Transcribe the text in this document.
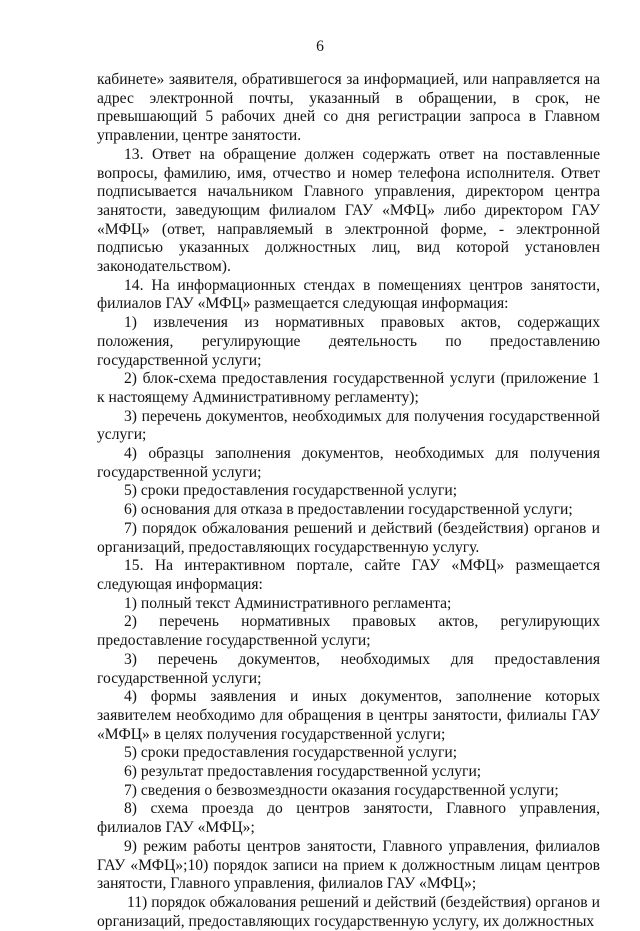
6

кабинете» заявителя, обратившегося за информацией, или направляется на адрес электронной почты, указанный в обращении, в срок, не превышающий 5 рабочих дней со дня регистрации запроса в Главном управлении, центре занятости.

13. Ответ на обращение должен содержать ответ на поставленные вопросы, фамилию, имя, отчество и номер телефона исполнителя. Ответ подписывается начальником Главного управления, директором центра занятости, заведующим филиалом ГАУ «МФЦ» либо директором ГАУ «МФЦ» (ответ, направляемый в электронной форме, - электронной подписью указанных должностных лиц, вид которой установлен законодательством).

14. На информационных стендах в помещениях центров занятости, филиалов ГАУ «МФЦ» размещается следующая информация:

1) извлечения из нормативных правовых актов, содержащих положения, регулирующие деятельность по предоставлению государственной услуги;

2) блок-схема предоставления государственной услуги (приложение 1 к настоящему Административному регламенту);

3) перечень документов, необходимых для получения государственной услуги;

4) образцы заполнения документов, необходимых для получения государственной услуги;

5) сроки предоставления государственной услуги;

6) основания для отказа в предоставлении государственной услуги;

7) порядок обжалования решений и действий (бездействия) органов и организаций, предоставляющих государственную услугу.

15. На интерактивном портале, сайте ГАУ «МФЦ» размещается следующая информация:

1) полный текст Административного регламента;

2) перечень нормативных правовых актов, регулирующих предоставление государственной услуги;

3) перечень документов, необходимых для предоставления государственной услуги;

4) формы заявления и иных документов, заполнение которых заявителем необходимо для обращения в центры занятости, филиалы ГАУ «МФЦ» в целях получения государственной услуги;

5) сроки предоставления государственной услуги;

6) результат предоставления государственной услуги;

7) сведения о безвозмездности оказания государственной услуги;

8) схема проезда до центров занятости, Главного управления, филиалов ГАУ «МФЦ»;

9) режим работы центров занятости, Главного управления, филиалов ГАУ «МФЦ»;10) порядок записи на прием к должностным лицам центров занятости, Главного управления, филиалов ГАУ «МФЦ»;

11) порядок обжалования решений и действий (бездействия) органов и организаций, предоставляющих государственную услугу, их должностных
